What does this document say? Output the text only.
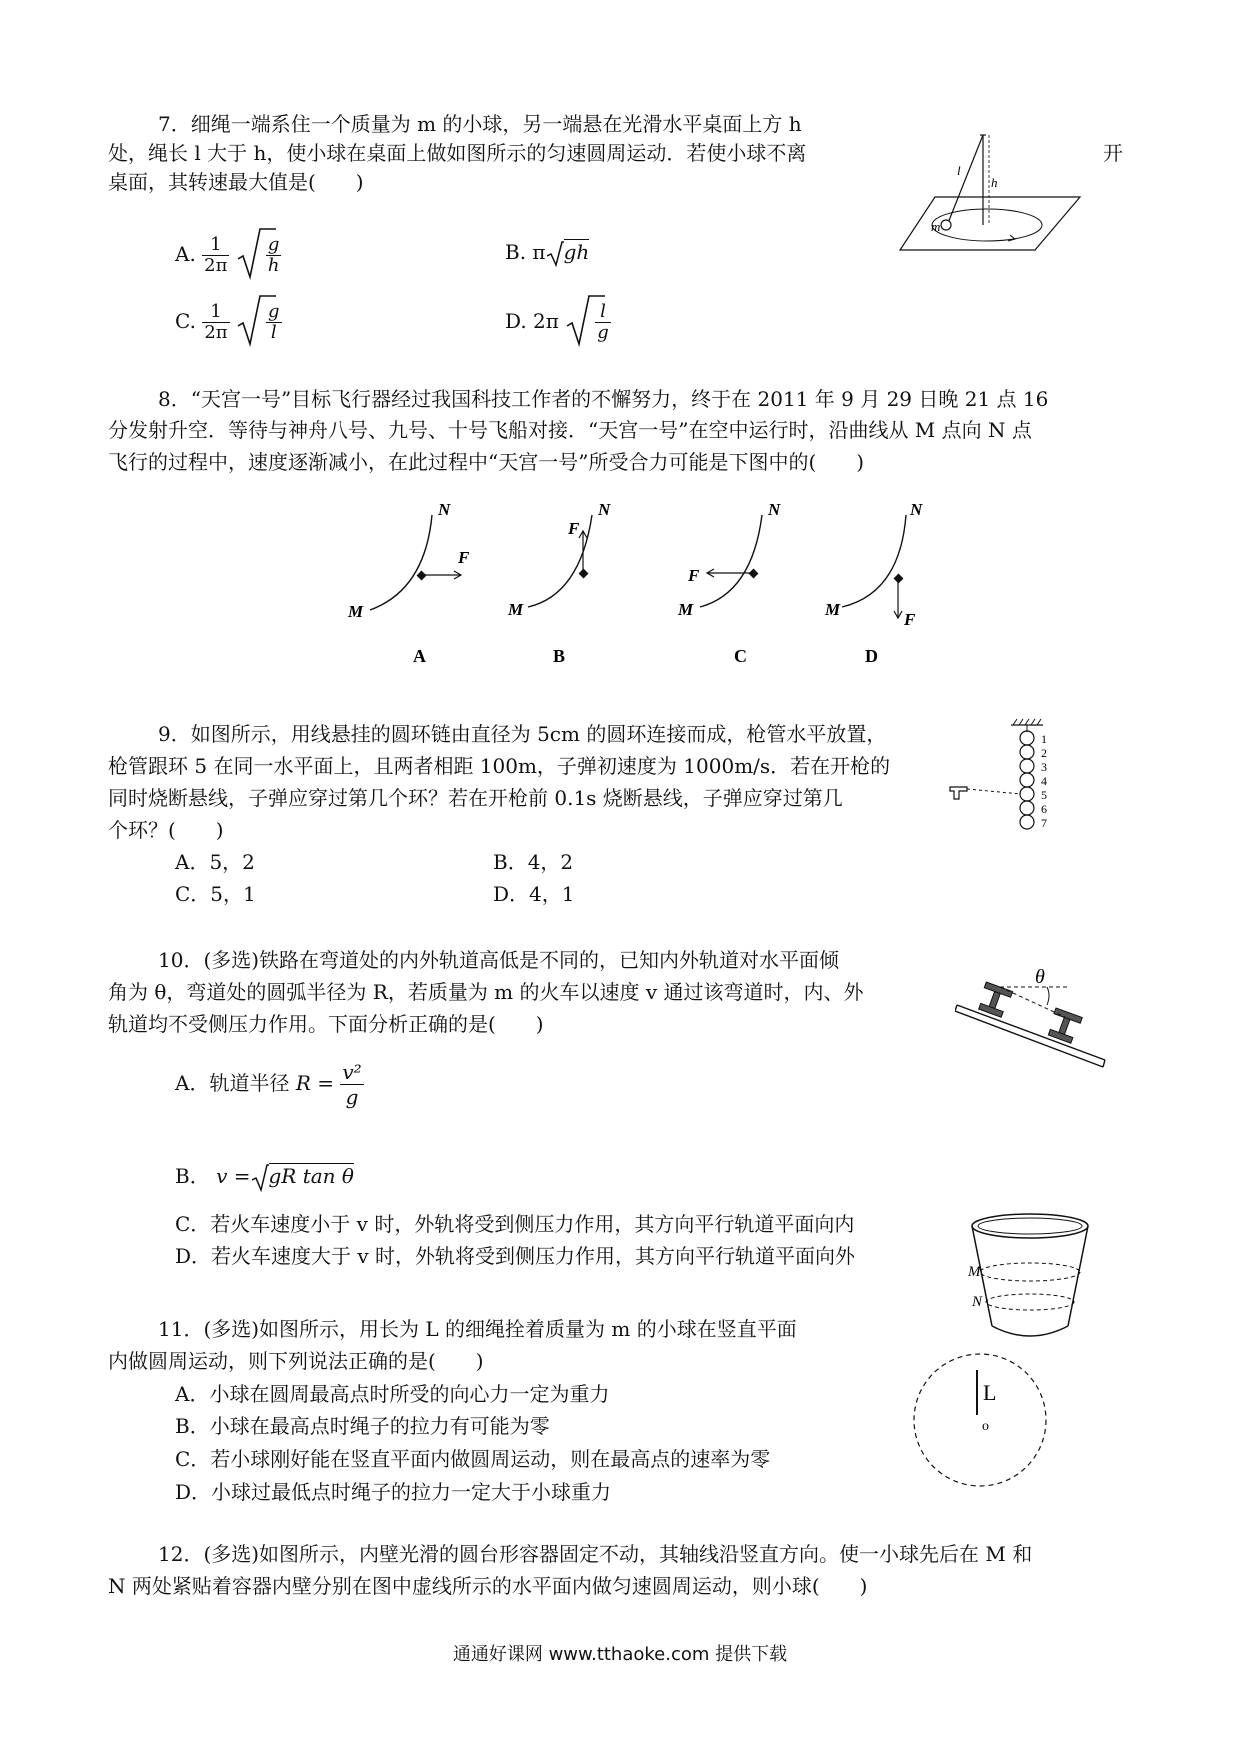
7．细绳一端系住一个质量为 m 的小球，另一端悬在光滑水平桌面上方 h
处，绳长 l 大于 h，使小球在桌面上做如图所示的匀速圆周运动．若使小球不离	开
桌面，其转速最大值是(　　)
A. $\frac{1}{2\pi}$
$\frac{g}{h}$	B. π gh
C. $\frac{1}{2\pi}$
$\frac{g}{l}$	D. $2\pi \frac{l}{g}$
l
h
m
8．“天宫一号”目标飞行器经过我国科技工作者的不懈努力，终于在 2011 年 9 月 29 日晚 21 点 16
分发射升空．等待与神舟八号、九号、十号飞船对接．“天宫一号”在空中运行时，沿曲线从 M 点向 N 点
飞行的过程中，速度逐渐减小，在此过程中“天宫一号”所受合力可能是下图中的(　　)
M
N
F
A
M
N
F
B
M
N
F
C
M
N
F
D
9．如图所示，用线悬挂的圆环链由直径为 5cm 的圆环连接而成，枪管水平放置，
枪管跟环 5 在同一水平面上，且两者相距 100m，子弹初速度为 1000m/s．若在开枪的
同时烧断悬线，子弹应穿过第几个环？若在开枪前 0.1s 烧断悬线，子弹应穿过第几
个环？(　　)
A．5，2	B．4，2
C．5，1	D．4，1
1
2
3
4
5
6
7
10．(多选)铁路在弯道处的内外轨道高低是不同的，已知内外轨道对水平面倾
角为 θ，弯道处的圆弧半径为 R，若质量为 m 的火车以速度 v 通过该弯道时，内、外
轨道均不受侧压力作用。下面分析正确的是(　　)
A．轨道半径 $R = \frac{\text{v²}}{g}$
B． v = gR tan θ
C．若火车速度小于 v 时，外轨将受到侧压力作用，其方向平行轨道平面向内
D．若火车速度大于 v 时，外轨将受到侧压力作用，其方向平行轨道平面向外
θ
M
N
11．(多选)如图所示，用长为 L 的细绳拴着质量为 m 的小球在竖直平面
内做圆周运动，则下列说法正确的是(　　)
A．小球在圆周最高点时所受的向心力一定为重力
B．小球在最高点时绳子的拉力有可能为零
C．若小球刚好能在竖直平面内做圆周运动，则在最高点的速率为零
D．小球过最低点时绳子的拉力一定大于小球重力
L
o
12．(多选)如图所示，内壁光滑的圆台形容器固定不动，其轴线沿竖直方向。使一小球先后在 M 和
N 两处紧贴着容器内壁分别在图中虚线所示的水平面内做匀速圆周运动，则小球(　　)
通通好课网 www.tthaoke.com 提供下载
